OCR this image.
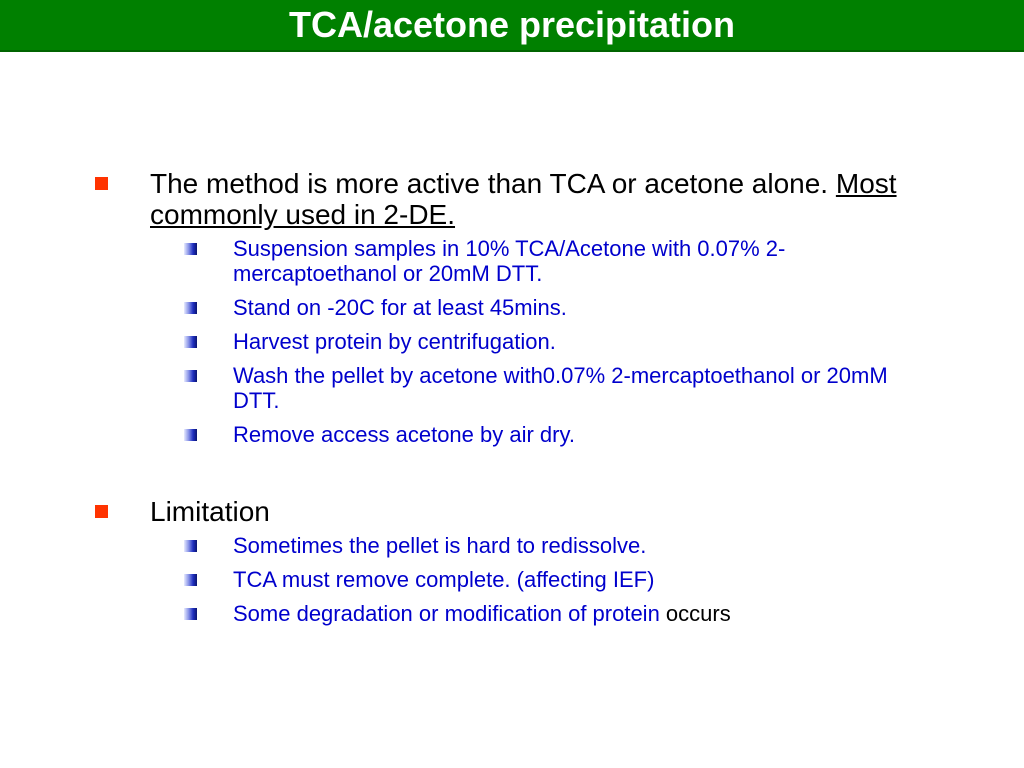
TCA/acetone precipitation
The method is more active than TCA or acetone alone. Most commonly used in 2-DE.
Suspension samples in 10% TCA/Acetone with 0.07% 2-mercaptoethanol or 20mM DTT.
Stand on -20C for at least 45mins.
Harvest protein by centrifugation.
Wash the pellet by acetone with0.07% 2-mercaptoethanol or 20mM DTT.
Remove access acetone by air dry.
Limitation
Sometimes the pellet is hard to redissolve.
TCA must remove complete. (affecting IEF)
Some degradation or modification of protein occurs
